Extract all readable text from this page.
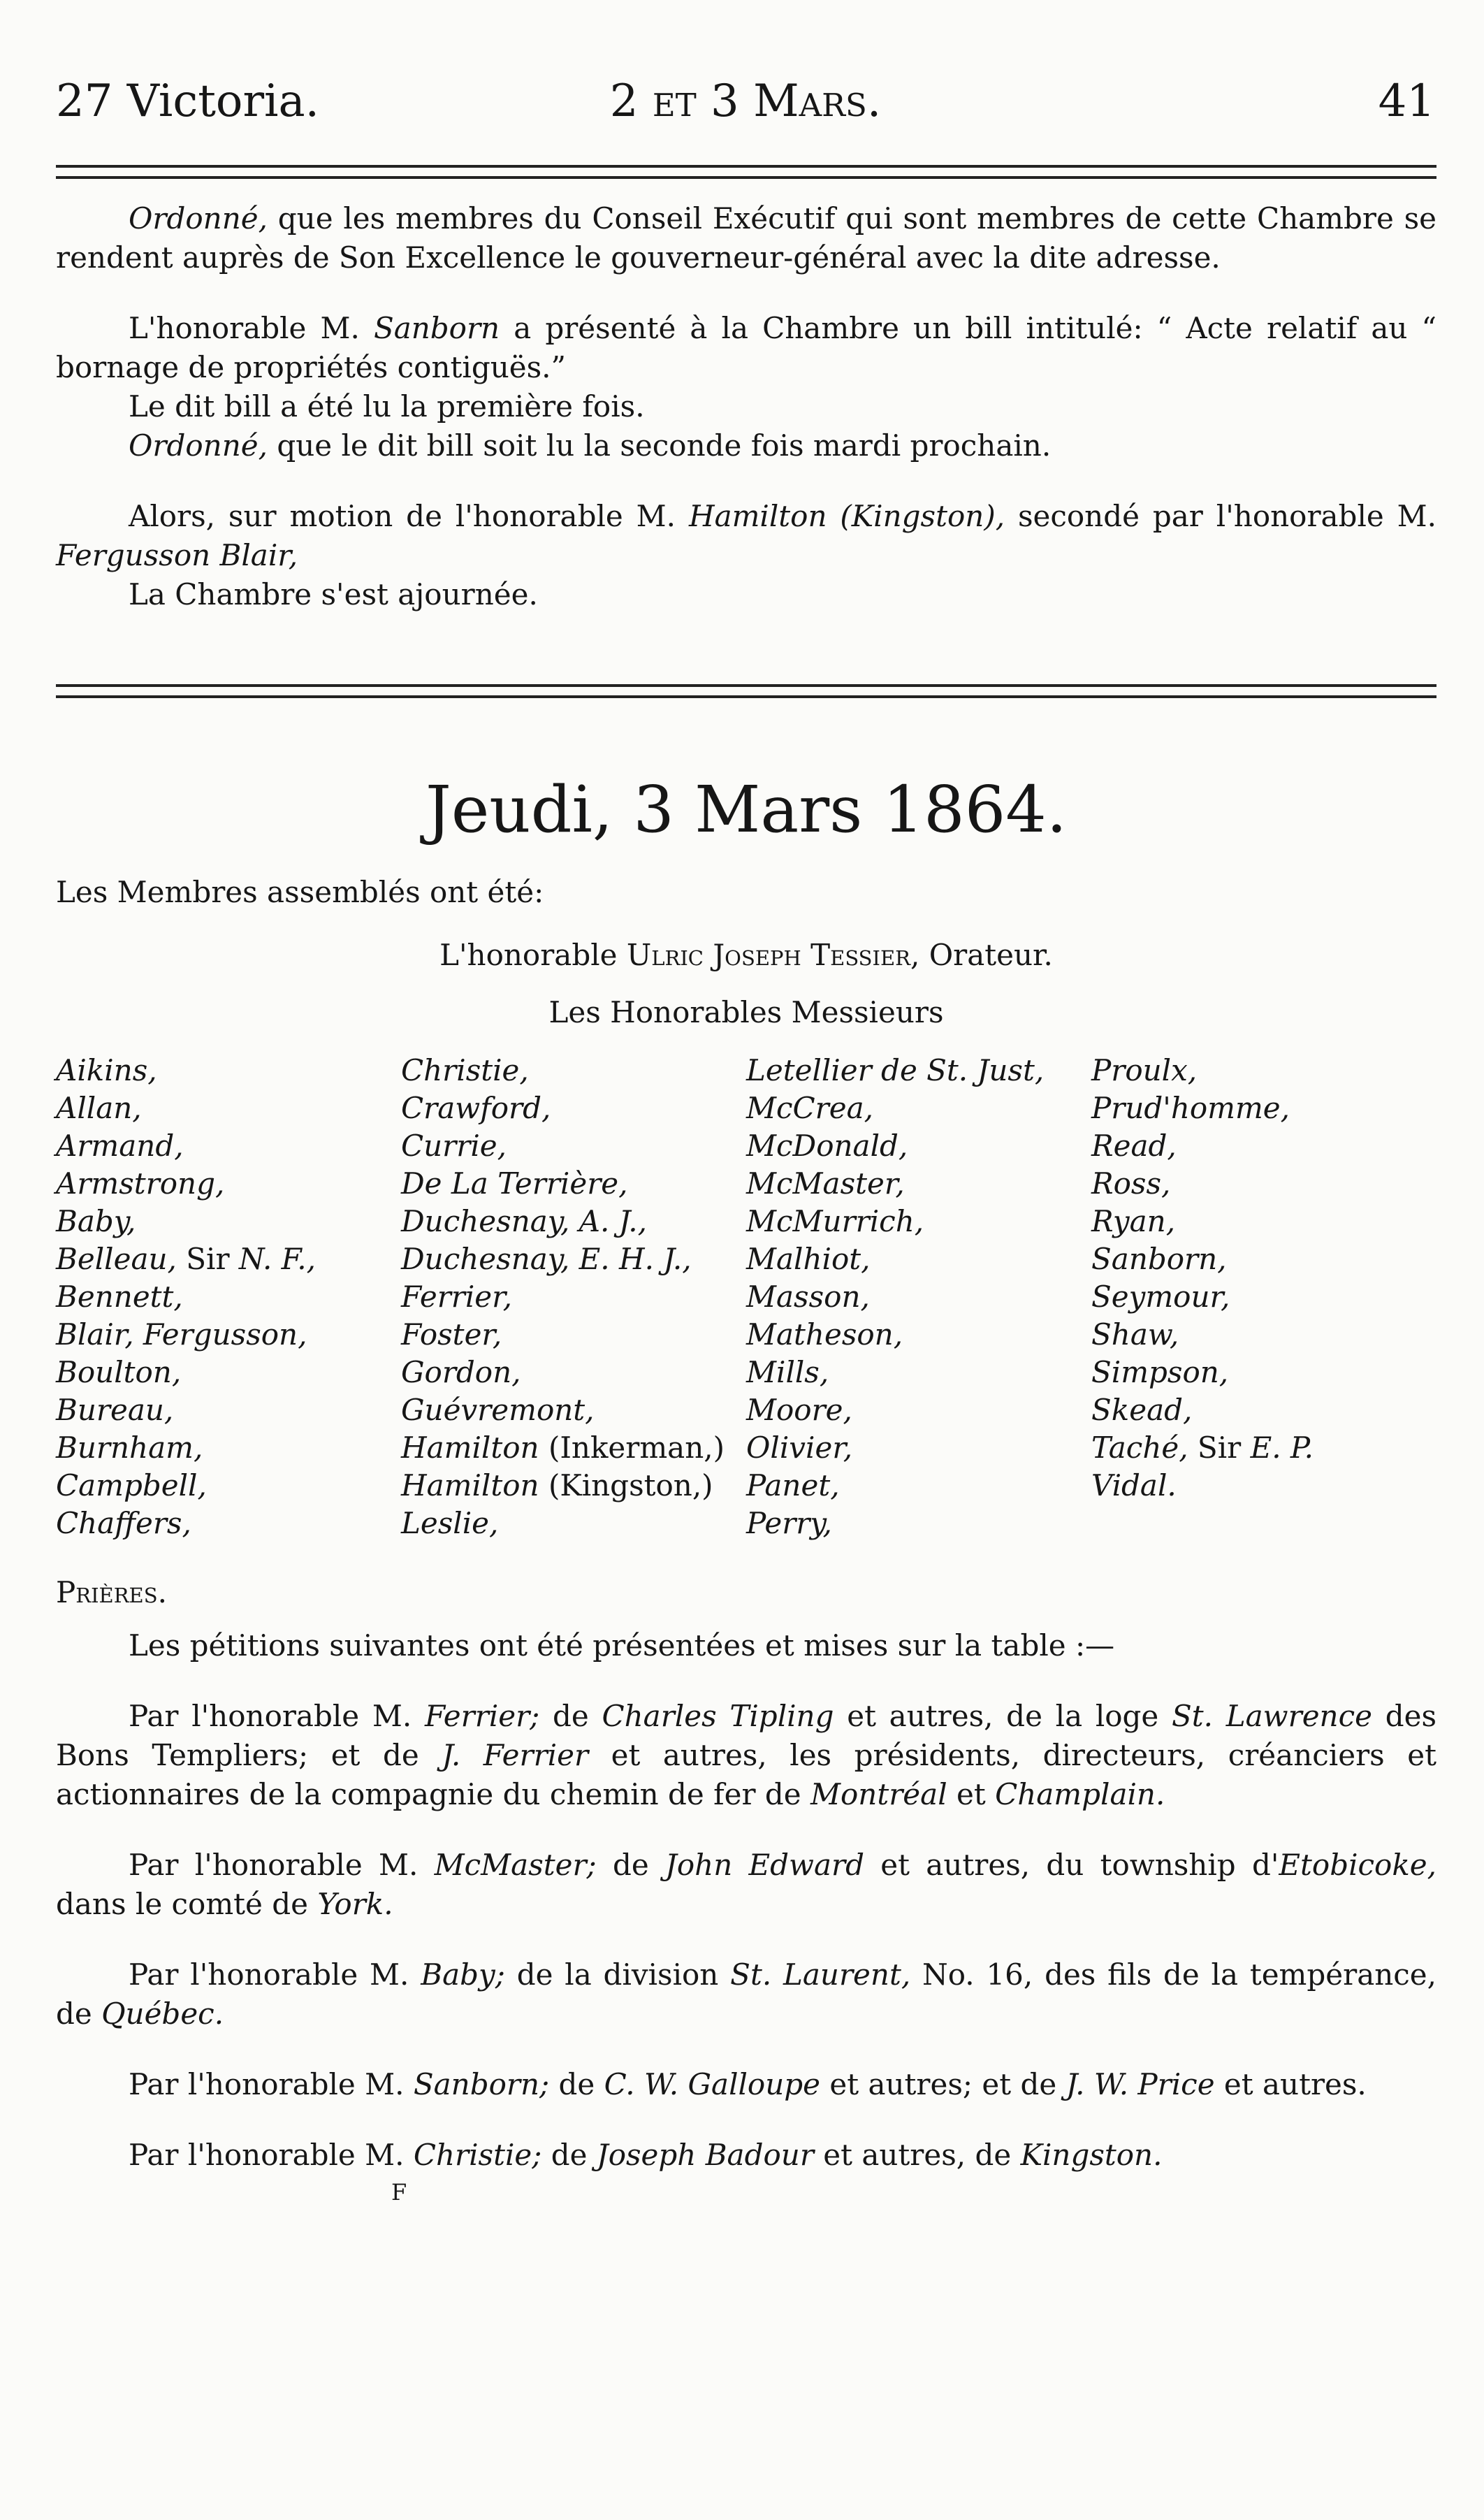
27 Victoria.	2 et 3 Mars.	41

Ordonné, que les membres du Conseil Exécutif qui sont membres de cette Chambre se rendent auprès de Son Excellence le gouverneur-général avec la dite adresse.

L'honorable M. Sanborn a présenté à la Chambre un bill intitulé: “ Acte relatif au “ bornage de propriétés contiguës.”

Le dit bill a été lu la première fois.

Ordonné, que le dit bill soit lu la seconde fois mardi prochain.

Alors, sur motion de l'honorable M. Hamilton (Kingston), secondé par l'honorable M. Fergusson Blair,

La Chambre s'est ajournée.

Jeudi, 3 Mars 1864.

Les Membres assemblés ont été:

L'honorable Ulric Joseph Tessier, Orateur.

Les Honorables Messieurs

Aikins,
Allan,
Armand,
Armstrong,
Baby,
Belleau, Sir N. F.,
Bennett,
Blair, Fergusson,
Boulton,
Bureau,
Burnham,
Campbell,
Chaffers,
Christie,
Crawford,
Currie,
De La Terrière,
Duchesnay, A. J.,
Duchesnay, E. H. J.,
Ferrier,
Foster,
Gordon,
Guévremont,
Hamilton (Inkerman,)
Hamilton (Kingston,)
Leslie,
Letellier de St. Just,
McCrea,
McDonald,
McMaster,
McMurrich,
Malhiot,
Masson,
Matheson,
Mills,
Moore,
Olivier,
Panet,
Perry,
Proulx,
Prud'homme,
Read,
Ross,
Ryan,
Sanborn,
Seymour,
Shaw,
Simpson,
Skead,
Taché, Sir E. P.
Vidal.

Prières.

Les pétitions suivantes ont été présentées et mises sur la table :—

Par l'honorable M. Ferrier; de Charles Tipling et autres, de la loge St. Lawrence des Bons Templiers; et de J. Ferrier et autres, les présidents, directeurs, créanciers et actionnaires de la compagnie du chemin de fer de Montréal et Champlain.

Par l'honorable M. McMaster; de John Edward et autres, du township d'Etobicoke, dans le comté de York.

Par l'honorable M. Baby; de la division St. Laurent, No. 16, des fils de la tempérance, de Québec.

Par l'honorable M. Sanborn; de C. W. Galloupe et autres; et de J. W. Price et autres.

Par l'honorable M. Christie; de Joseph Badour et autres, de Kingston.

F
